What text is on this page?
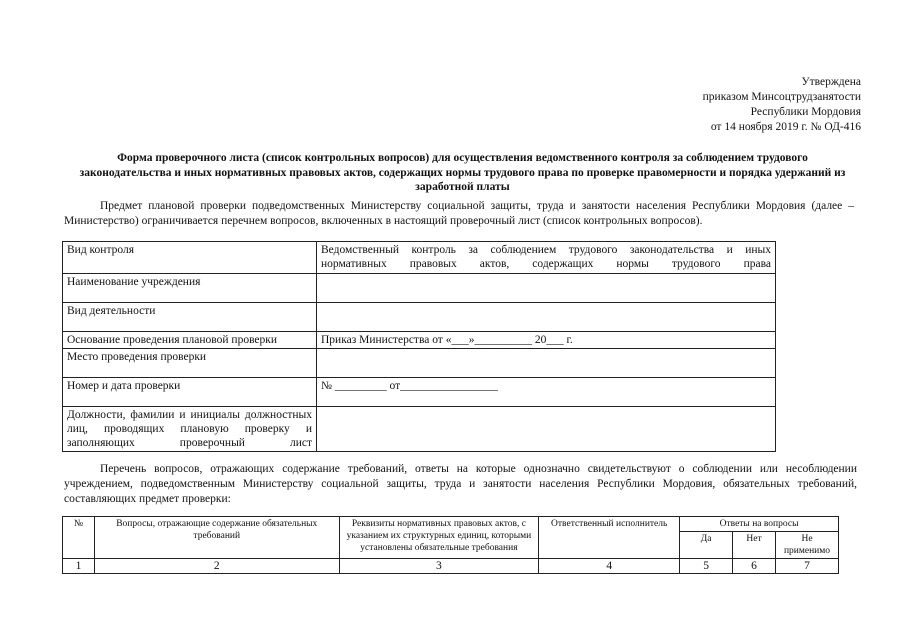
Утверждена
приказом Минсоцтрудзанятости
Республики Мордовия
от 14 ноября 2019 г. № ОД-416
Форма проверочного листа (список контрольных вопросов) для осуществления ведомственного контроля за соблюдением трудового законодательства и иных нормативных правовых актов, содержащих нормы трудового права по проверке правомерности и порядка удержаний из заработной платы
Предмет плановой проверки подведомственных Министерству социальной защиты, труда и занятости населения Республики Мордовия (далее – Министерство) ограничивается перечнем вопросов, включенных в настоящий проверочный лист (список контрольных вопросов).
Вид контроля	Ведомственный контроль за соблюдением трудового законодательства и иных нормативных правовых актов, содержащих нормы трудового права
Наименование учреждения	
Вид деятельности	
Основание проведения плановой проверки	Приказ Министерства от «___»__________ 20___ г.
Место проведения проверки	
Номер и дата проверки	№ _________ от_________________
Должности, фамилии и инициалы должностных лиц, проводящих плановую проверку и заполняющих проверочный лист	
Перечень вопросов, отражающих содержание требований, ответы на которые однозначно свидетельствуют о соблюдении или несоблюдении учреждением, подведомственным Министерству социальной защиты, труда и занятости населения Республики Мордовия, обязательных требований, составляющих предмет проверки:
№	Вопросы, отражающие содержание обязательных требований	Реквизиты нормативных правовых актов, с указанием их структурных единиц, которыми установлены обязательные требования	Ответственный исполнитель	Ответы на вопросы		
				Да	Нет	Не применимо
1	2	3	4	5	6	7
